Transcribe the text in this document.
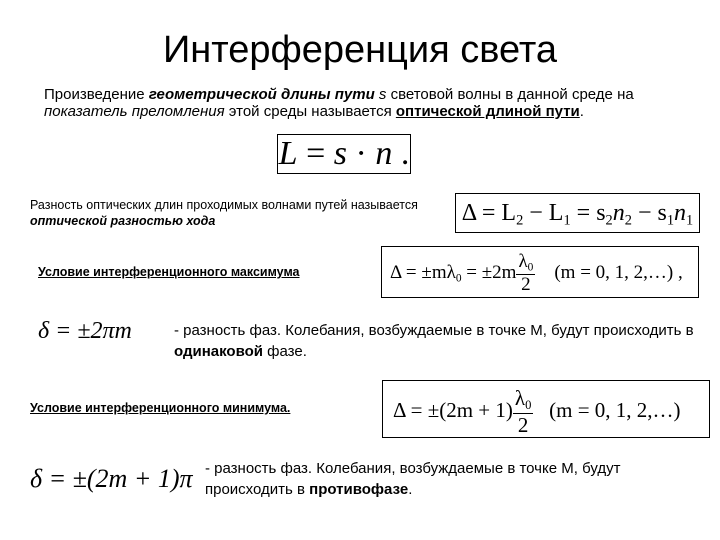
Интерференция света
Произведение геометрической длины пути s световой волны в данной среде на показатель преломления этой среды называется оптической длиной пути.
L = s · n .
Разность оптических длин проходимых волнами путей называется оптической разностью хода	$\Delta = L_2 - L_1 = s_2n_2 - s_1n_1$
Условие интерференционного максимума	$\Delta = \pm m\lambda_0 = \pm 2m \frac{\lambda_0}{2} (m = 0$, 1, 2,…) ,
δ = ±2πm	- разность фаз. Колебания, возбуждаемые в точке М, будут происходить в одинаковой фазе.
Условие интерференционного минимума.	$\Delta = \pm(2m + 1) \frac{\lambda_0}{2} (m = 0$, 1, 2,…)
δ = ±(2m + 1)π - разность фаз. Колебания, возбуждаемые в точке М, будут происходить в противофазе.
